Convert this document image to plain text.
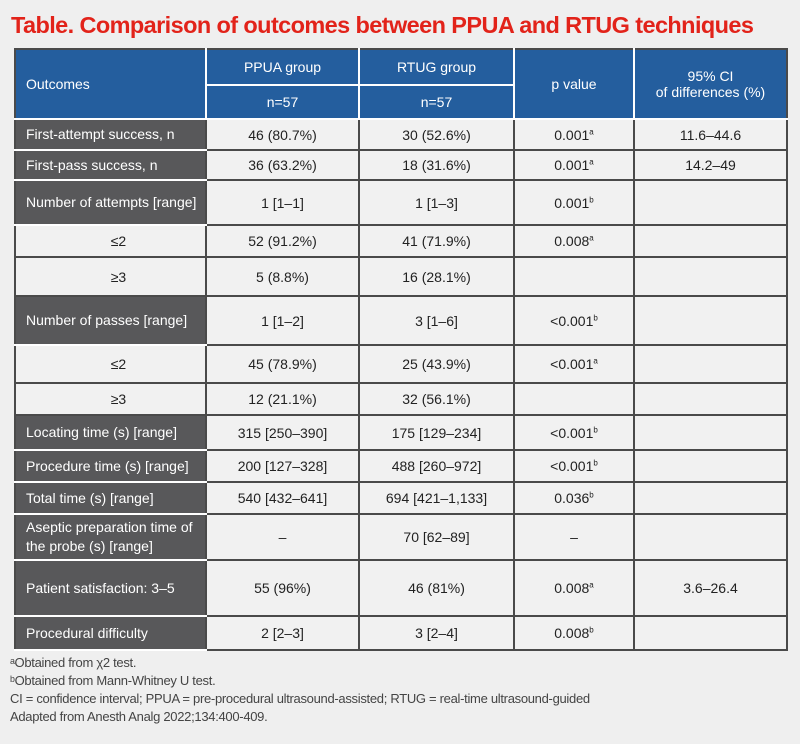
Table. Comparison of outcomes between PPUA and RTUG techniques
Outcomes	PPUA group	RTUG group	p value	95% CI
of differences (%)
	n=57	n=57		
First-attempt success, n	46 (80.7%)	30 (52.6%)	0.001$^a$	11.6–44.6
First-pass success, n	36 (63.2%)	18 (31.6%)	0.001$^a$	14.2–49
Number of attempts [range]	1 [1–1]	1 [1–3]	0.001$^b$	
≤2	52 (91.2%)	41 (71.9%)	0.008$^a$	
≥3	5 (8.8%)	16 (28.1%)		
Number of passes [range]	1 [1–2]	3 [1–6]	<0.001$^b$	
≤2	45 (78.9%)	25 (43.9%)	<0.001$^a$	
≥3	12 (21.1%)	32 (56.1%)		
Locating time (s) [range]	315 [250–390]	175 [129–234]	<0.001$^b$	
Procedure time (s) [range]	200 [127–328]	488 [260–972]	<0.001$^b$	
Total time (s) [range]	540 [432–641]	694 [421–1,133]	0.036$^b$	
Aseptic preparation time of the probe (s) [range]	–	70 [62–89]	–	
Patient satisfaction: 3–5	55 (96%)	46 (81%)	0.008$^a$	3.6–26.4
Procedural difficulty	2 [2–3]	3 [2–4]	0.008$^b$	
ᵃObtained from χ2 test.
ᵇObtained from Mann-Whitney U test.
CI = confidence interval; PPUA = pre-procedural ultrasound-assisted; RTUG = real-time ultrasound-guided
Adapted from Anesth Analg 2022;134:400-409.
